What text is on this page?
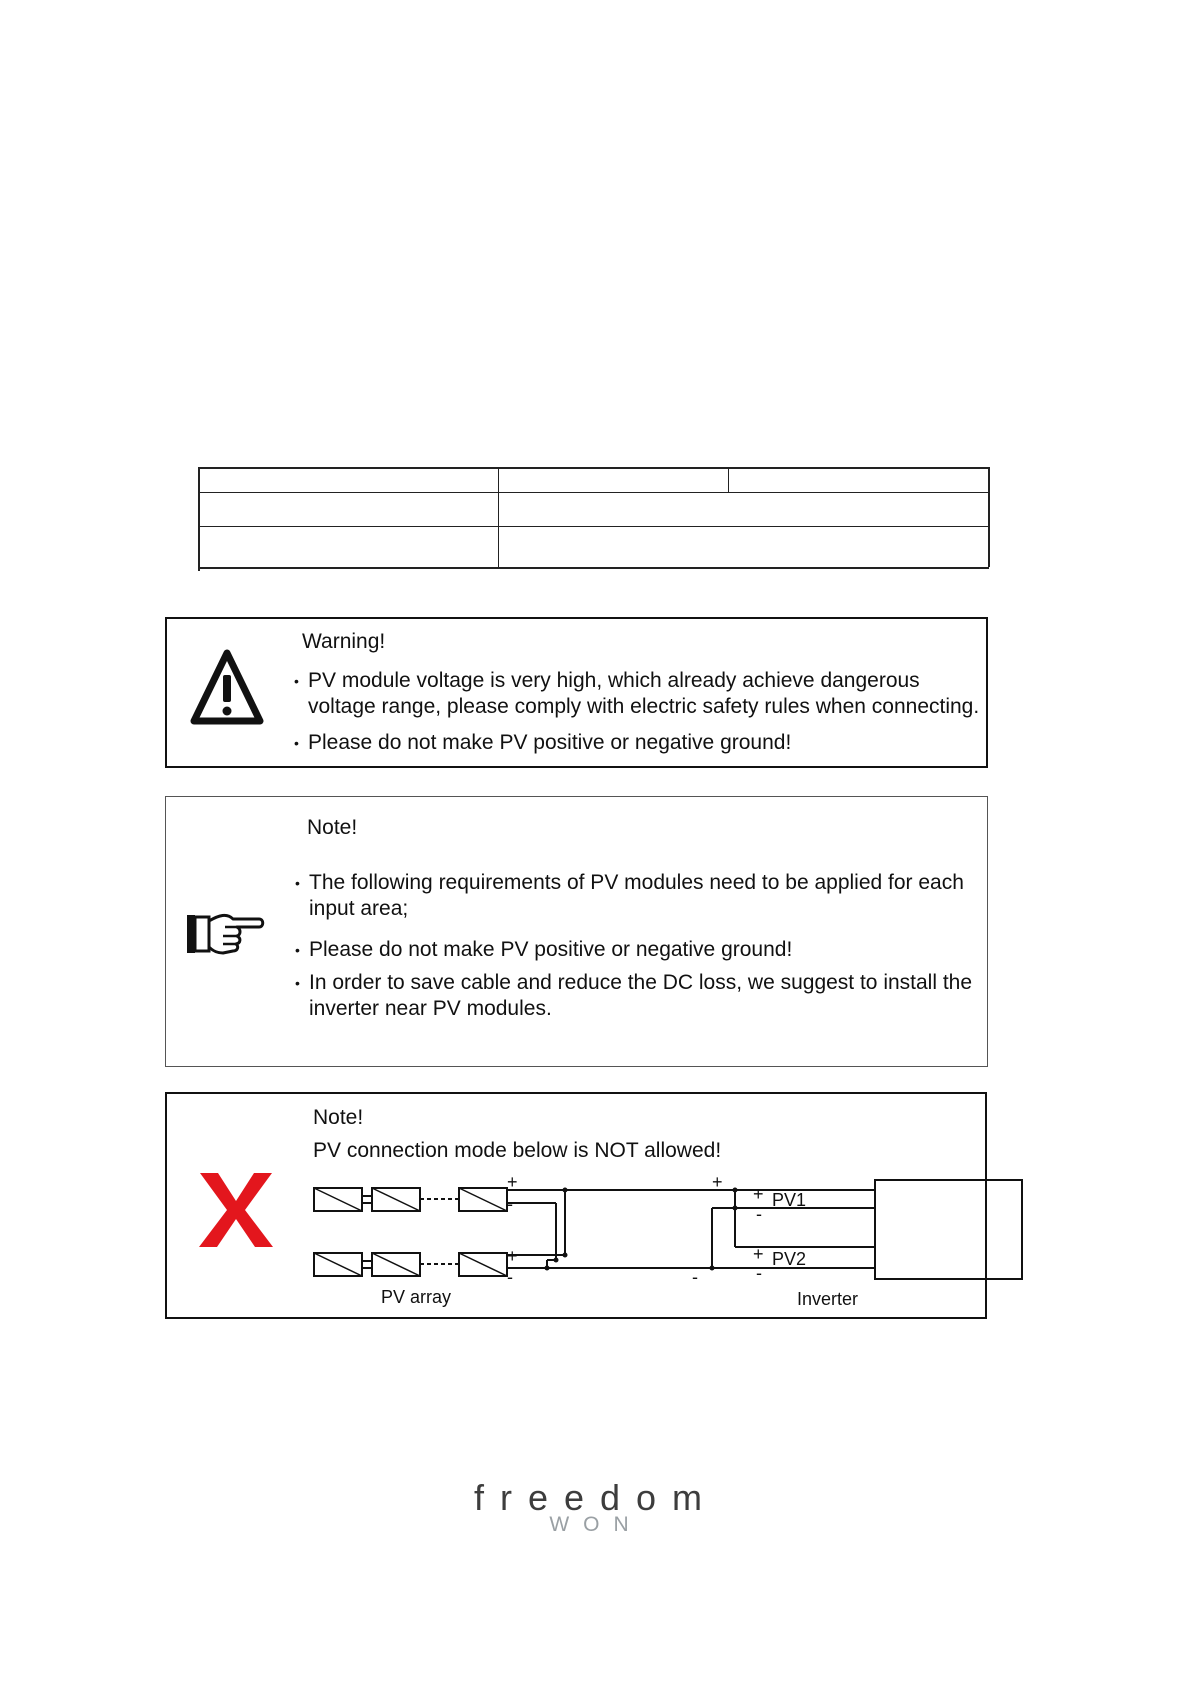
Warning!
• PV module voltage is very high, which already achieve dangerous
voltage range, please comply with electric safety rules when connecting.
• Please do not make PV positive or negative ground!
Note!
• The following requirements of PV modules need to be applied for each
input area;
• Please do not make PV positive or negative ground!
• In order to save cable and reduce the DC loss, we suggest to install the
inverter near PV modules.
Note!
PV connection mode below is NOT allowed!
+
-
+
-
+
-
+ PV1
-
+ PV2
-
PV array	Inverter
freedom
WON
